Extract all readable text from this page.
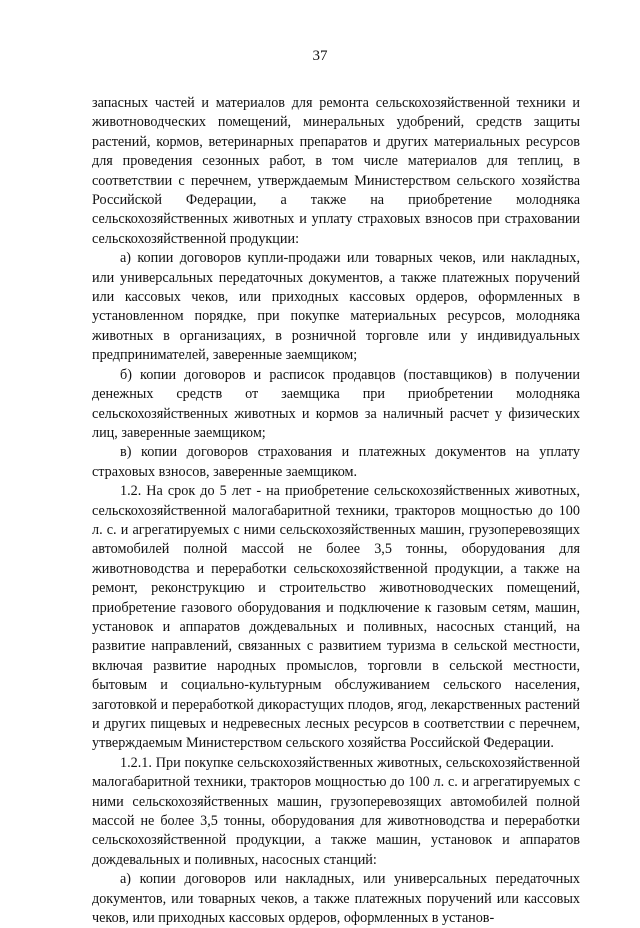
37

запасных частей и материалов для ремонта сельскохозяйственной техники и животноводческих помещений, минеральных удобрений, средств защиты растений, кормов, ветеринарных препаратов и других материальных ресурсов для проведения сезонных работ, в том числе материалов для теплиц, в соответствии с перечнем, утверждаемым Министерством сельского хозяйства Российской Федерации, а также на приобретение молодняка сельскохозяйственных животных и уплату страховых взносов при страховании сельскохозяйственной продукции:

а) копии договоров купли-продажи или товарных чеков, или накладных, или универсальных передаточных документов, а также платежных поручений или кассовых чеков, или приходных кассовых ордеров, оформленных в установленном порядке, при покупке материальных ресурсов, молодняка животных в организациях, в розничной торговле или у индивидуальных предпринимателей, заверенные заемщиком;

б) копии договоров и расписок продавцов (поставщиков) в получении денежных средств от заемщика при приобретении молодняка сельскохозяйственных животных и кормов за наличный расчет у физических лиц, заверенные заемщиком;

в) копии договоров страхования и платежных документов на уплату страховых взносов, заверенные заемщиком.

1.2. На срок до 5 лет - на приобретение сельскохозяйственных животных, сельскохозяйственной малогабаритной техники, тракторов мощностью до 100 л. с. и агрегатируемых с ними сельскохозяйственных машин, грузоперевозящих автомобилей полной массой не более 3,5 тонны, оборудования для животноводства и переработки сельскохозяйственной продукции, а также на ремонт, реконструкцию и строительство животноводческих помещений, приобретение газового оборудования и подключение к газовым сетям, машин, установок и аппаратов дождевальных и поливных, насосных станций, на развитие направлений, связанных с развитием туризма в сельской местности, включая развитие народных промыслов, торговли в сельской местности, бытовым и социально-культурным обслуживанием сельского населения, заготовкой и переработкой дикорастущих плодов, ягод, лекарственных растений и других пищевых и недревесных лесных ресурсов в соответствии с перечнем, утверждаемым Министерством сельского хозяйства Российской Федерации.

1.2.1. При покупке сельскохозяйственных животных, сельскохозяйственной малогабаритной техники, тракторов мощностью до 100 л. с. и агрегатируемых с ними сельскохозяйственных машин, грузоперевозящих автомобилей полной массой не более 3,5 тонны, оборудования для животноводства и переработки сельскохозяйственной продукции, а также машин, установок и аппаратов дождевальных и поливных, насосных станций:

а) копии договоров или накладных, или универсальных передаточных документов, или товарных чеков, а также платежных поручений или кассовых чеков, или приходных кассовых ордеров, оформленных в установ-
